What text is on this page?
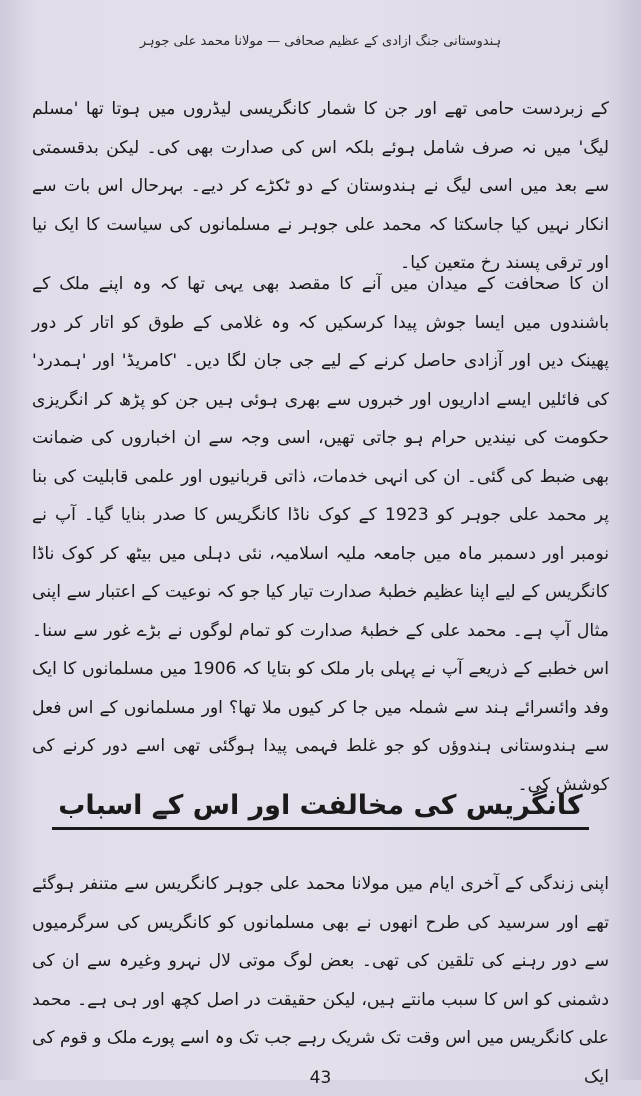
ہندوستانی جنگ آزادی کے عظیم صحافی — مولانا محمد علی جوہر

کے زبردست حامی تھے اور جن کا شمار کانگریسی لیڈروں میں ہوتا تھا 'مسلم لیگ' میں نہ صرف شامل ہوئے بلکہ اس کی صدارت بھی کی۔ لیکن بدقسمتی سے بعد میں اسی لیگ نے ہندوستان کے دو ٹکڑے کر دیے۔ بہرحال اس بات سے انکار نہیں کیا جاسکتا کہ محمد علی جوہر نے مسلمانوں کی سیاست کا ایک نیا اور ترقی پسند رخ متعین کیا۔

ان کا صحافت کے میدان میں آنے کا مقصد بھی یہی تھا کہ وہ اپنے ملک کے باشندوں میں ایسا جوش پیدا کرسکیں کہ وہ غلامی کے طوق کو اتار کر دور پھینک دیں اور آزادی حاصل کرنے کے لیے جی جان لگا دیں۔ 'کامریڈ' اور 'ہمدرد' کی فائلیں ایسے اداریوں اور خبروں سے بھری ہوئی ہیں جن کو پڑھ کر انگریزی حکومت کی نیندیں حرام ہو جاتی تھیں، اسی وجہ سے ان اخباروں کی ضمانت بھی ضبط کی گئی۔ ان کی انہی خدمات، ذاتی قربانیوں اور علمی قابلیت کی بنا پر محمد علی جوہر کو 1923 کے کوک ناڈا کانگریس کا صدر بنایا گیا۔ آپ نے نومبر اور دسمبر ماہ میں جامعہ ملیہ اسلامیہ، نئی دہلی میں بیٹھ کر کوک ناڈا کانگریس کے لیے اپنا عظیم خطبۂ صدارت تیار کیا جو کہ نوعیت کے اعتبار سے اپنی مثال آپ ہے۔ محمد علی کے خطبۂ صدارت کو تمام لوگوں نے بڑے غور سے سنا۔ اس خطبے کے ذریعے آپ نے پہلی بار ملک کو بتایا کہ 1906 میں مسلمانوں کا ایک وفد وائسرائے ہند سے شملہ میں جا کر کیوں ملا تھا؟ اور مسلمانوں کے اس فعل سے ہندوستانی ہندوؤں کو جو غلط فہمی پیدا ہوگئی تھی اسے دور کرنے کی کوشش کی۔

کانگریس کی مخالفت اور اس کے اسباب

اپنی زندگی کے آخری ایام میں مولانا محمد علی جوہر کانگریس سے متنفر ہوگئے تھے اور سرسید کی طرح انھوں نے بھی مسلمانوں کو کانگریس کی سرگرمیوں سے دور رہنے کی تلقین کی تھی۔ بعض لوگ موتی لال نہرو وغیرہ سے ان کی دشمنی کو اس کا سبب مانتے ہیں، لیکن حقیقت در اصل کچھ اور ہی ہے۔ محمد علی کانگریس میں اس وقت تک شریک رہے جب تک وہ اسے پورے ملک و قوم کی ایک

43
